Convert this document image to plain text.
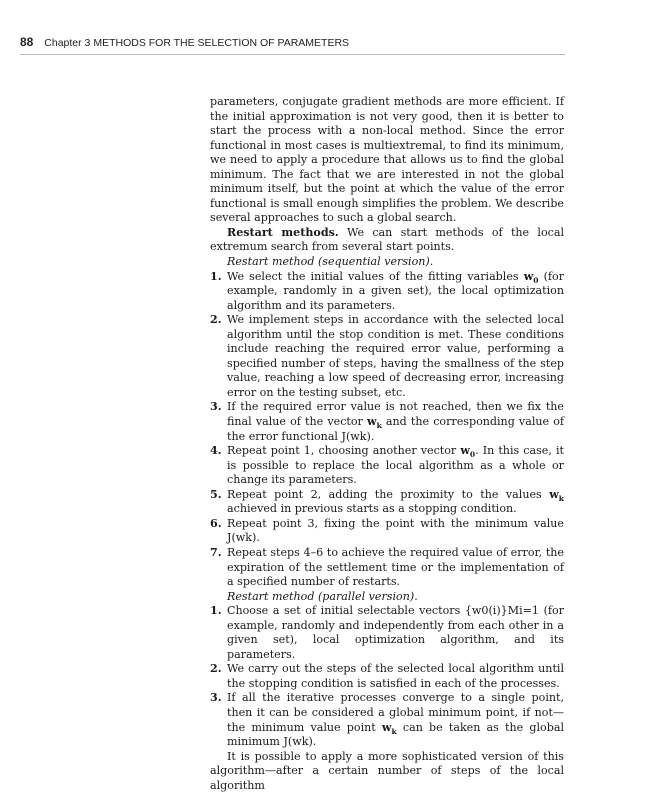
88 Chapter 3 METHODS FOR THE SELECTION OF PARAMETERS

parameters, conjugate gradient methods are more efficient. If the initial approximation is not very good, then it is better to start the process with a non-local method. Since the error functional in most cases is multiextremal, to find its minimum, we need to apply a procedure that allows us to find the global minimum. The fact that we are interested in not the global minimum itself, but the point at which the value of the error functional is small enough simplifies the problem. We describe several approaches to such a global search.

Restart methods. We can start methods of the local extremum search from several start points.

Restart method (sequential version).

1. We select the initial values of the fitting variables $w_0$ (for example, randomly in a given set), the local optimization algorithm and its parameters.
2. We implement steps in accordance with the selected local algorithm until the stop condition is met. These conditions include reaching the required error value, performing a specified number of steps, having the smallness of the step value, reaching a low speed of decreasing error, increasing error on the testing subset, etc.
3. If the required error value is not reached, then we fix the final value of the vector $w_k$ and the corresponding value of the error functional J(wk).
4. Repeat point 1, choosing another vector $w_0$. In this case, it is possible to replace the local algorithm as a whole or change its parameters.
5. Repeat point 2, adding the proximity to the values $w_k$ achieved in previous starts as a stopping condition.
6. Repeat point 3, fixing the point with the minimum value J(wk).
7. Repeat steps 4–6 to achieve the required value of error, the expiration of the settlement time or the implementation of a specified number of restarts.

Restart method (parallel version).

1. Choose a set of initial selectable vectors {w0(i)}Mi=1 (for example, randomly and independently from each other in a given set), local optimization algorithm, and its parameters.
2. We carry out the steps of the selected local algorithm until the stopping condition is satisfied in each of the processes.
3. If all the iterative processes converge to a single point, then it can be considered a global minimum point, if not—the minimum value point $w_k$ can be taken as the global minimum J(wk).

It is possible to apply a more sophisticated version of this algorithm—after a certain number of steps of the local algorithm
